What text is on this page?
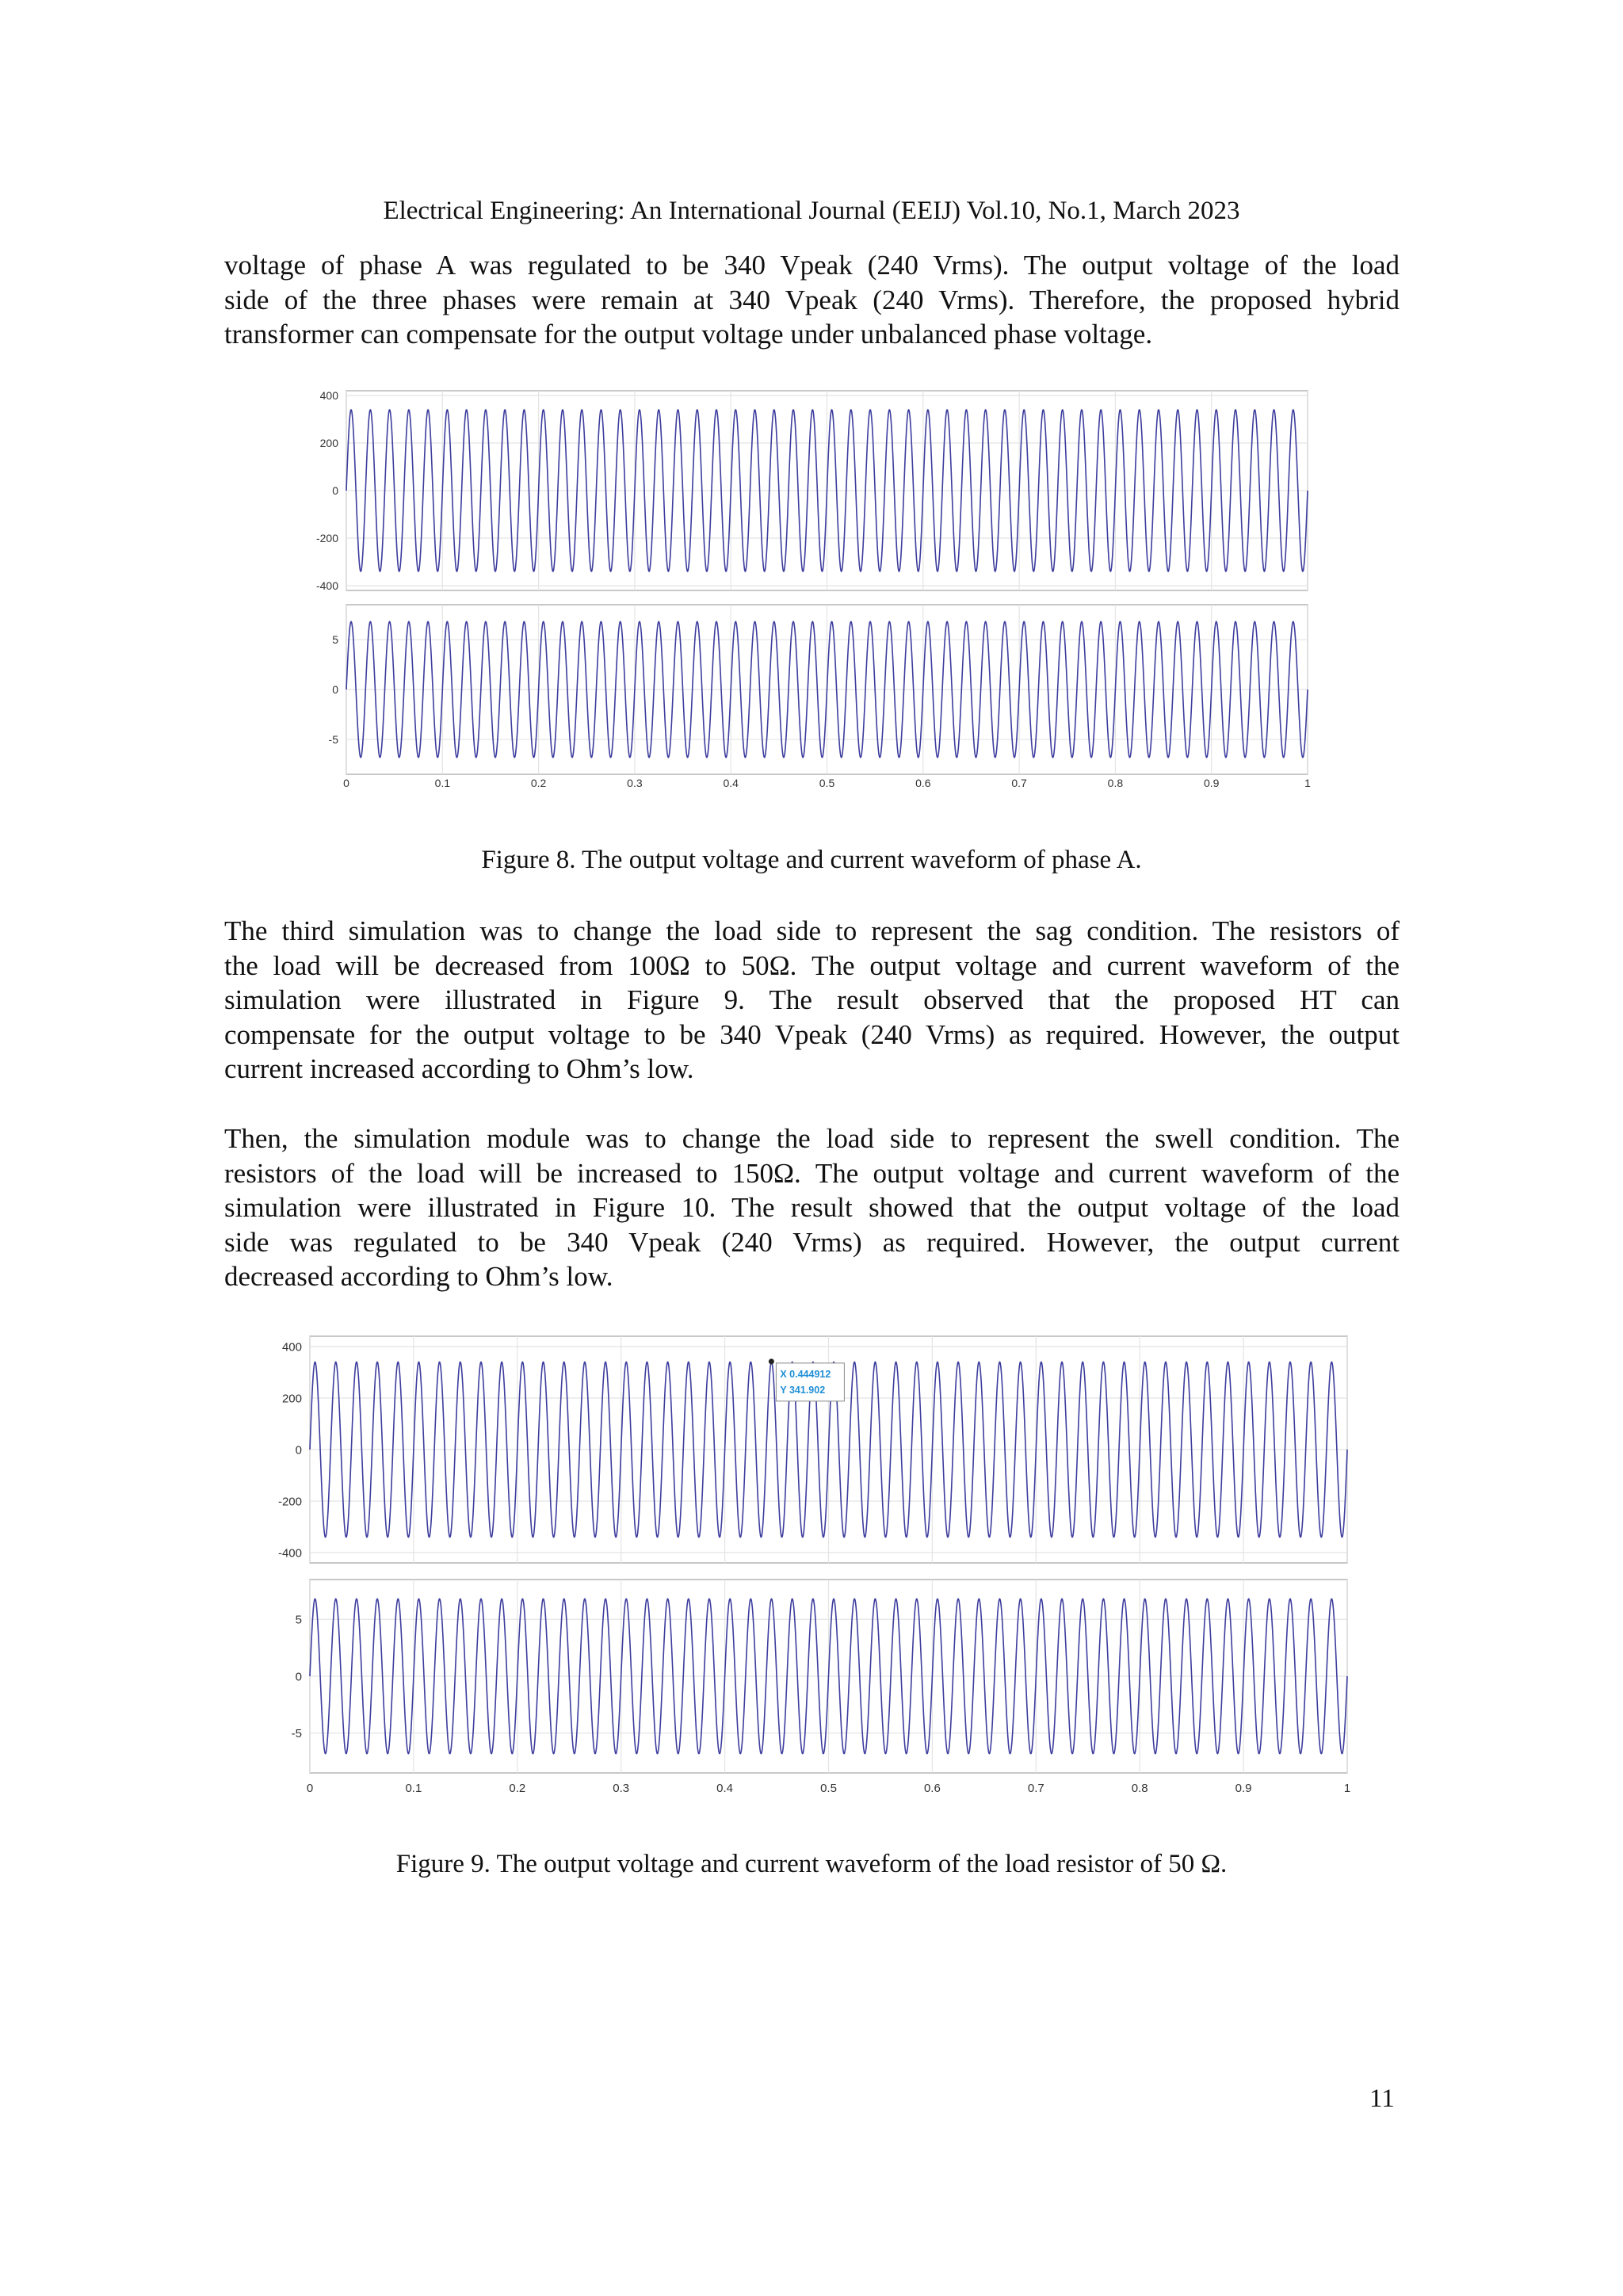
Electrical Engineering: An International Journal (EEIJ) Vol.10, No.1, March 2023

voltage of phase A was regulated to be 340 Vpeak (240 Vrms). The output voltage of the load
side of the three phases were remain at 340 Vpeak (240 Vrms). Therefore, the proposed hybrid
transformer can compensate for the output voltage under unbalanced phase voltage.

400
200
0
-200
-400
5
0
-5
0	0.1	0.2	0.3	0.4	0.5	0.6	0.7	0.8	0.9	1
Figure 8. The output voltage and current waveform of phase A.

The third simulation was to change the load side to represent the sag condition. The resistors of
the load will be decreased from 100Ω to 50Ω. The output voltage and current waveform of the
simulation were illustrated in Figure 9. The result observed that the proposed HT can
compensate for the output voltage to be 340 Vpeak (240 Vrms) as required. However, the output
current increased according to Ohm’s low.

Then, the simulation module was to change the load side to represent the swell condition. The
resistors of the load will be increased to 150Ω. The output voltage and current waveform of the
simulation were illustrated in Figure 10. The result showed that the output voltage of the load
side was regulated to be 340 Vpeak (240 Vrms) as required. However, the output current
decreased according to Ohm’s low.

400
200
0
-200
-400
X 0.444912
Y 341.902
5
0
-5
0	0.1	0.2	0.3	0.4	0.5	0.6	0.7	0.8	0.9	1
Figure 9. The output voltage and current waveform of the load resistor of 50 Ω.
11
